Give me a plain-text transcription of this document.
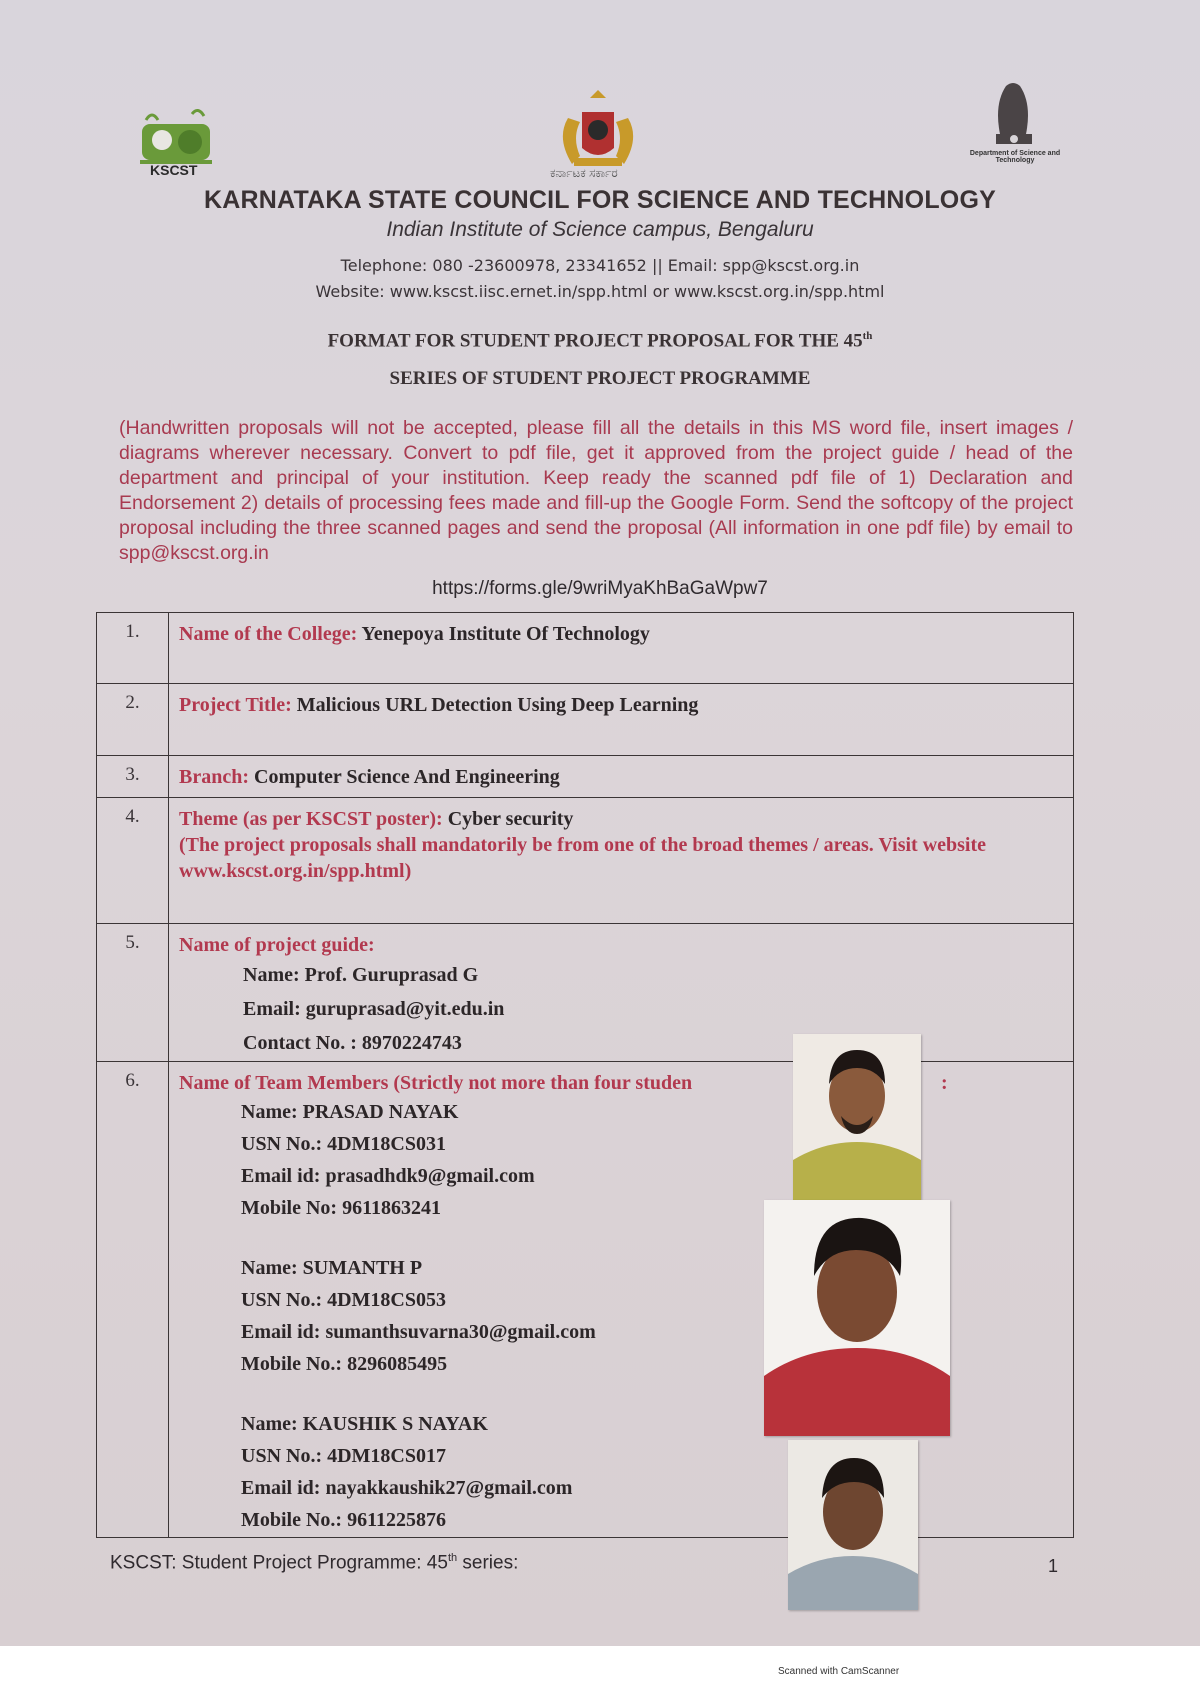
KSCST	ಕರ್ನಾಟಕ ಸರ್ಕಾರ
Department of Science and Technology
KARNATAKA STATE COUNCIL FOR SCIENCE AND TECHNOLOGY
Indian Institute of Science campus, Bengaluru
Telephone: 080 -23600978, 23341652 || Email: spp@kscst.org.in
Website: www.kscst.iisc.ernet.in/spp.html or www.kscst.org.in/spp.html
FORMAT FOR STUDENT PROJECT PROPOSAL FOR THE 45th
SERIES OF STUDENT PROJECT PROGRAMME
(Handwritten proposals will not be accepted, please fill all the details in this MS word file, insert images / diagrams wherever necessary. Convert to pdf file, get it approved from the project guide / head of the department and principal of your institution. Keep ready the scanned pdf file of 1) Declaration and Endorsement 2) details of processing fees made and fill-up the Google Form. Send the softcopy of the project proposal including the three scanned pages and send the proposal (All information in one pdf file) by email to spp@kscst.org.in
https://forms.gle/9wriMyaKhBaGaWpw7
1.	Name of the College: Yenepoya Institute Of Technology
2.	Project Title: Malicious URL Detection Using Deep Learning
3.	Branch: Computer Science And Engineering
4.	Theme (as per KSCST poster): Cyber security
(The project proposals shall mandatorily be from one of the broad themes / areas. Visit website www.kscst.org.in/spp.html)
5.	Name of project guide:
Name: Prof. Guruprasad G
Email: guruprasad@yit.edu.in
Contact No. : 8970224743
6.	Name of Team Members (Strictly not more than four studen	:
Name: PRASAD NAYAK
USN No.: 4DM18CS031
Email id: prasadhdk9@gmail.com
Mobile No: 9611863241
Name: SUMANTH P
USN No.: 4DM18CS053
Email id: sumanthsuvarna30@gmail.com
Mobile No.: 8296085495
Name: KAUSHIK S NAYAK
USN No.: 4DM18CS017
Email id: nayakkaushik27@gmail.com
Mobile No.: 9611225876
KSCST: Student Project Programme: 45th series:	1
Scanned with CamScanner
